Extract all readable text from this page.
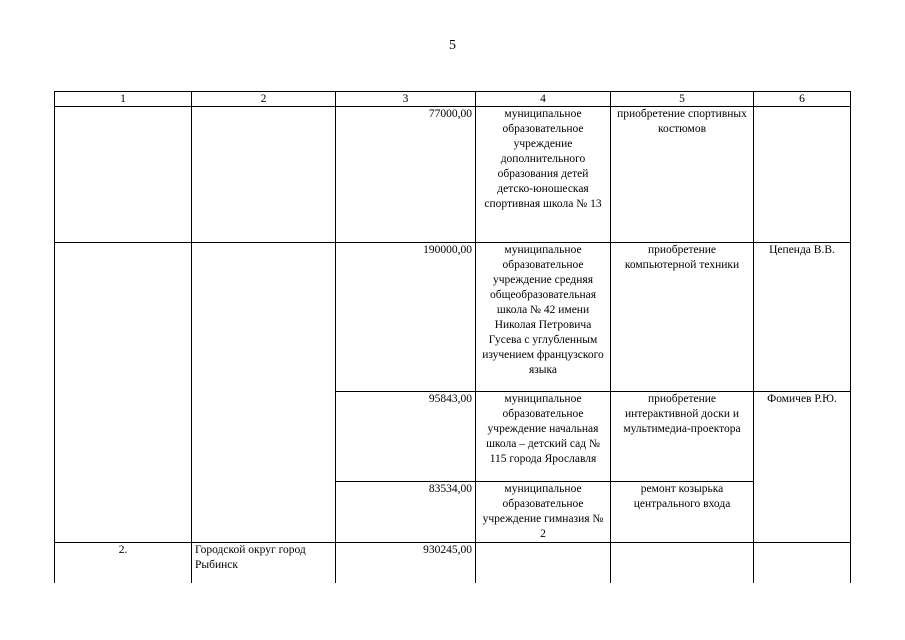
5
1	2	3	4	5	6
		77000,00	муниципальное образовательное учреждение дополнительного образования детей детско-юношеская спортивная школа № 13	приобретение спортивных костюмов	
		190000,00	муниципальное образовательное учреждение средняя общеобразовательная школа № 42 имени Николая Петровича Гусева с углубленным изучением французского языка	приобретение компьютерной техники	Цепенда В.В.
		95843,00	муниципальное образовательное учреждение начальная школа – детский сад № 115 города Ярославля	приобретение интерактивной доски и мультимедиа-проектора	Фомичев Р.Ю.
		83534,00	муниципальное образовательное учреждение гимназия № 2	ремонт козырька центрального входа	
2.	Городской округ город Рыбинск	930245,00			
